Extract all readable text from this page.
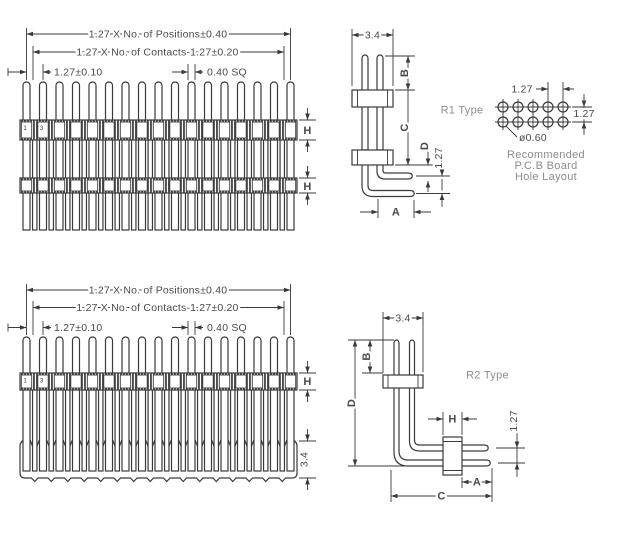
1 3
1.27 X No. of Positions±0.40
1.27 X No. of Contacts-1.27±0.20
1.27±0.10	0.40 SQ
H
H
3.4
B
C
D
1.27
A
R1 Type
1.27
1.27
ø0.60
Recommended
P.C.B Board
Hole Layout
1 3
1.27 X No. of Positions±0.40
1.27 X No. of Contacts-1.27±0.20
1.27±0.10	0.40 SQ
H
3.4
3.4
B
D
H	1.27
A
C
R2 Type
